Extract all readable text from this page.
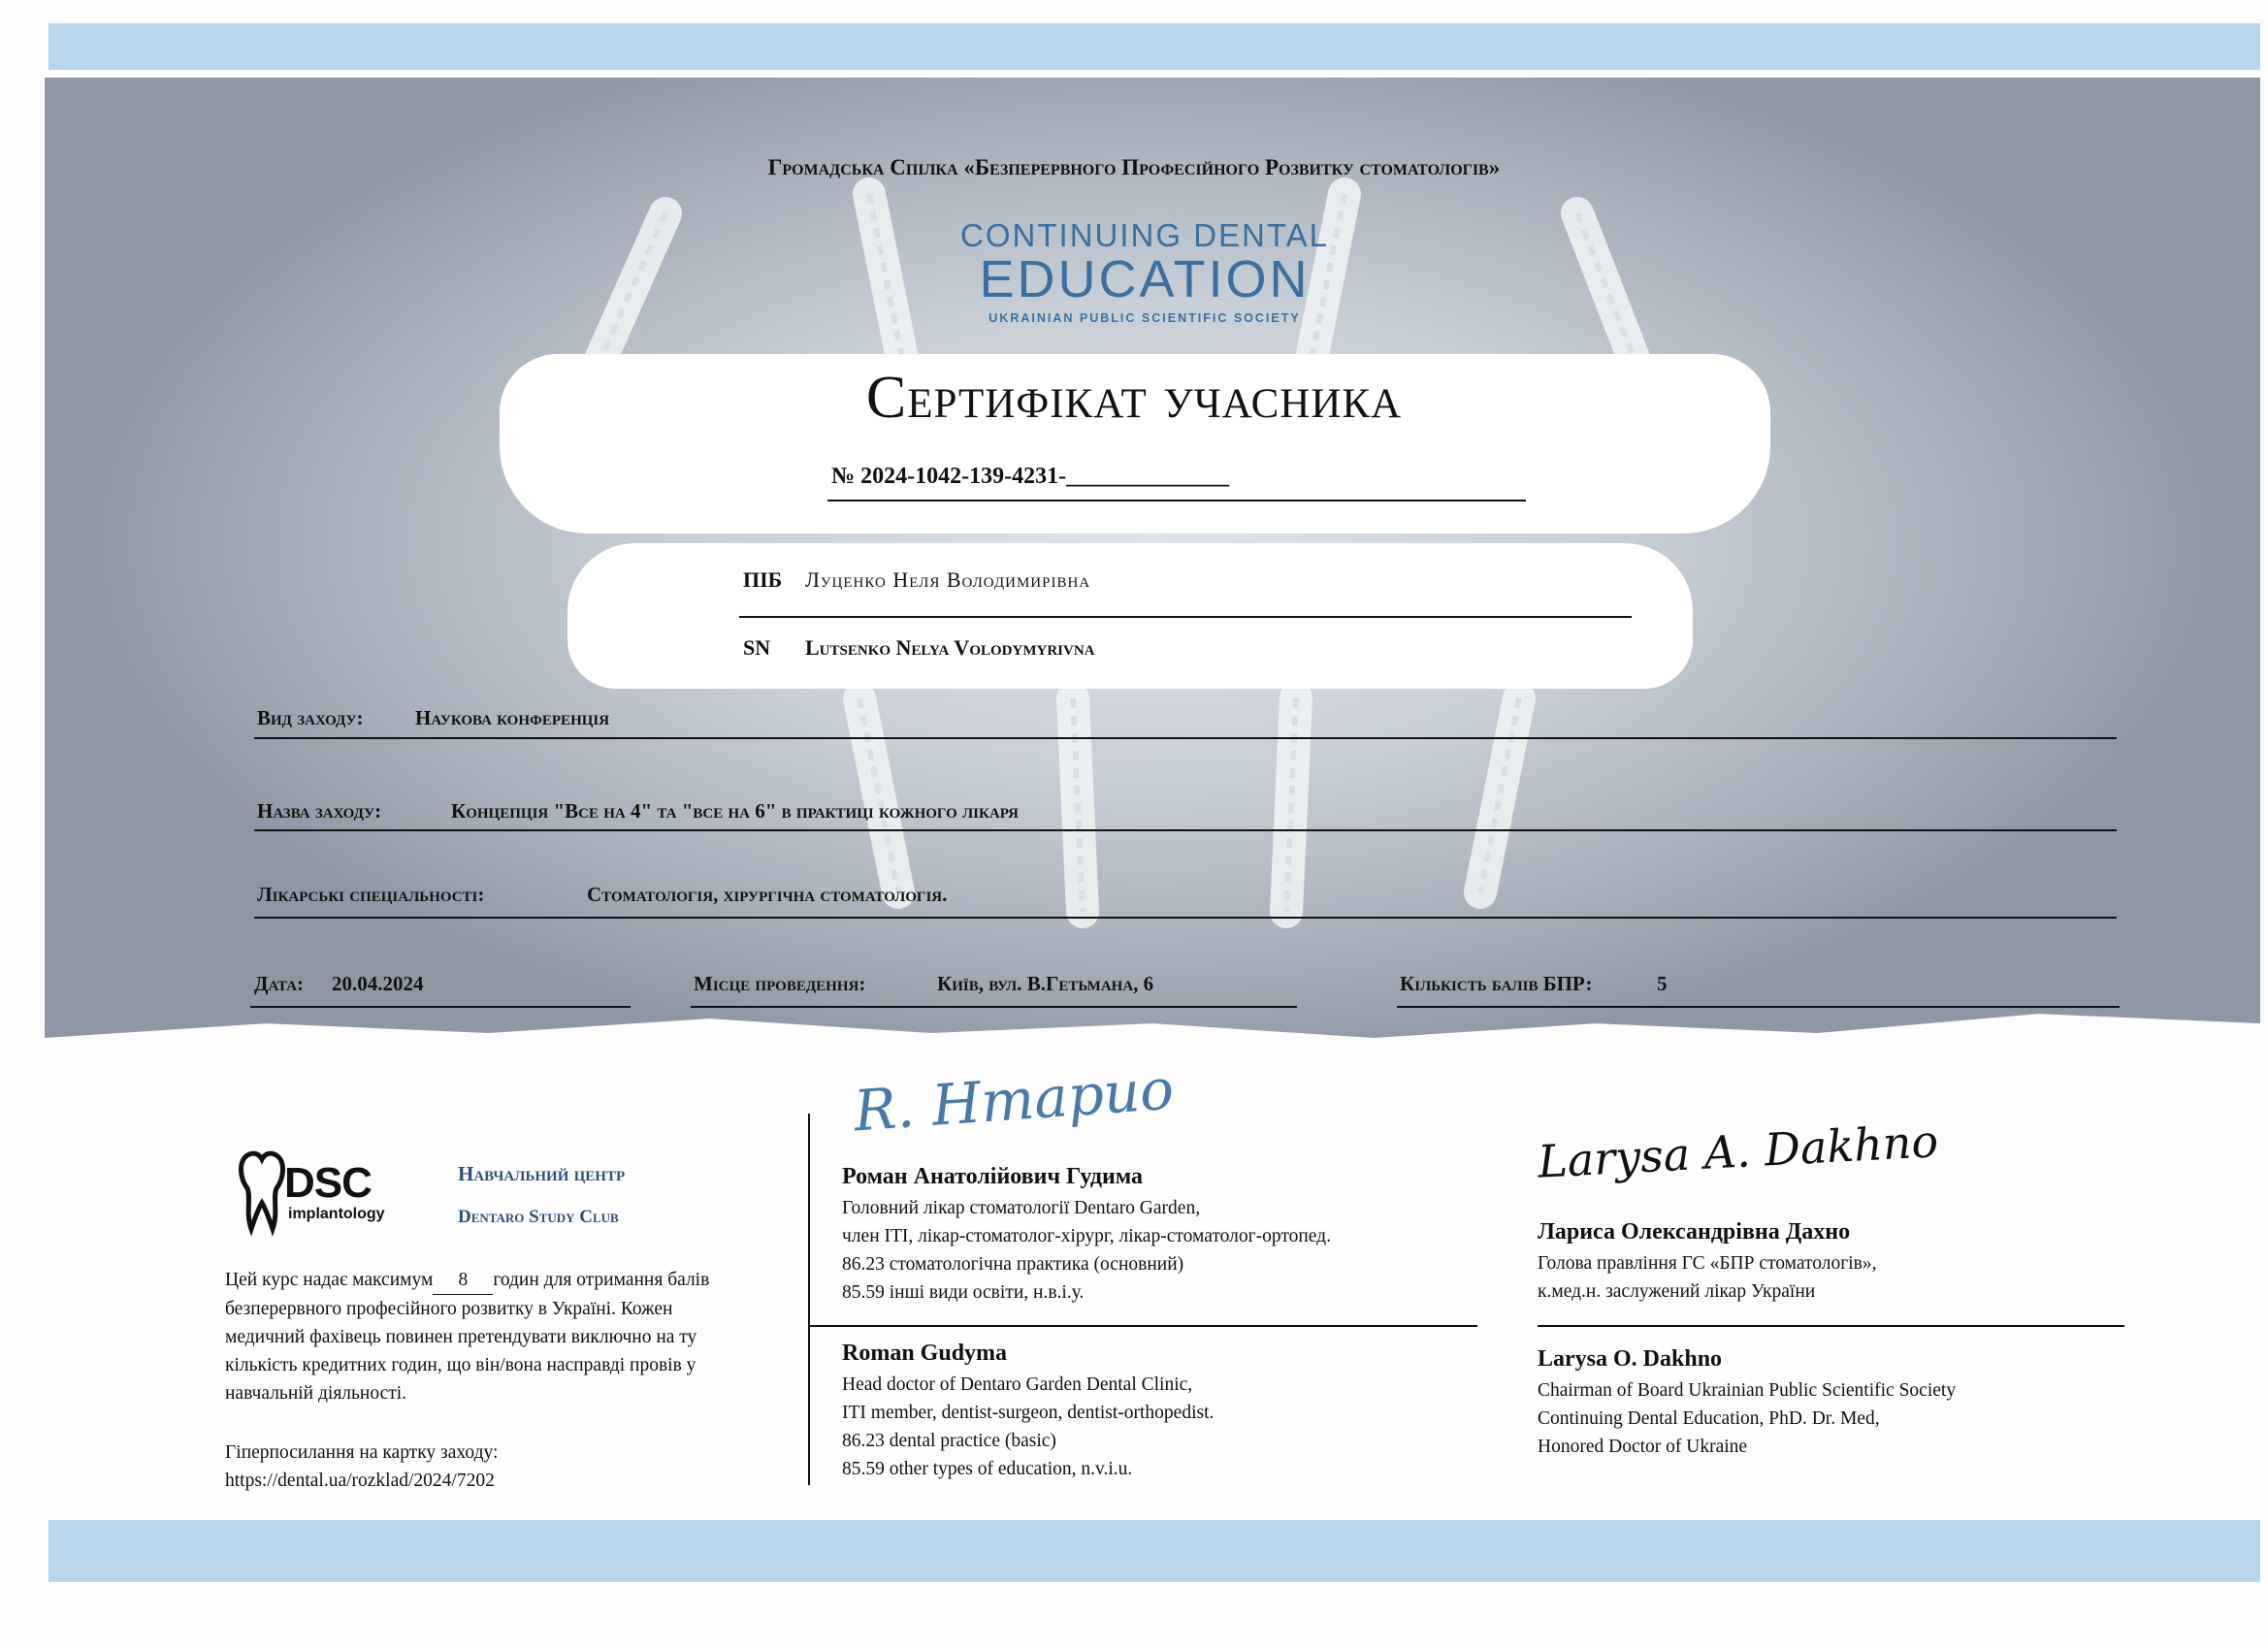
Громадська Спілка «Безперервного Професійного Розвитку стоматологів»
CONTINUING DENTAL
EDUCATION
UKRAINIAN PUBLIC SCIENTIFIC SOCIETY
Сертифікат учасника
№ 2024-1042-139-4231-______________
ПІБ Луценко Неля Володимирівна
SN Lutsenko Nelya Volodymyrivna
Вид заходу:	Наукова конференція
Назва заходу:	Концепція "Все на 4" та "все на 6" в практиці кожного лікаря
Лікарські спеціальності:	Стоматологія, хірургічна стоматологія.
Дата: 20.04.2024	Місце проведення:	Київ, вул. В.Гетьмана, 6	Кількість балів БПР:	5
DSC
implantology
Навчальний центр
Dentaro Study Club
Цей курс надає максимум 8 годин для отримання балів
безперервного професійного розвитку в Україні. Кожен
медичний фахівець повинен претендувати виключно на ту
кількість кредитних годин, що він/вона насправді провів у
навчальній діяльності.
Гіперпосилання на картку заходу:
https://dental.ua/rozklad/2024/7202
R. Hmapuo
Роман Анатолійович Гудима
Головний лікар стоматології Dentaro Garden,
член ITI, лікар-стоматолог-хірург, лікар-стоматолог-ортопед.
86.23 стоматологічна практика (основний)
85.59 інші види освіти, н.в.і.у.
Roman Gudyma
Head doctor of Dentaro Garden Dental Clinic,
ITI member, dentist-surgeon, dentist-orthopedist.
86.23 dental practice (basic)
85.59 other types of education, n.v.i.u.
Larysa A. Dakhno
Лариса Олександрівна Дахно
Голова правління ГС «БПР стоматологів»,
к.мед.н. заслужений лікар України
Larysa O. Dakhno
Chairman of Board Ukrainian Public Scientific Society
Continuing Dental Education, PhD. Dr. Med,
Honored Doctor of Ukraine
